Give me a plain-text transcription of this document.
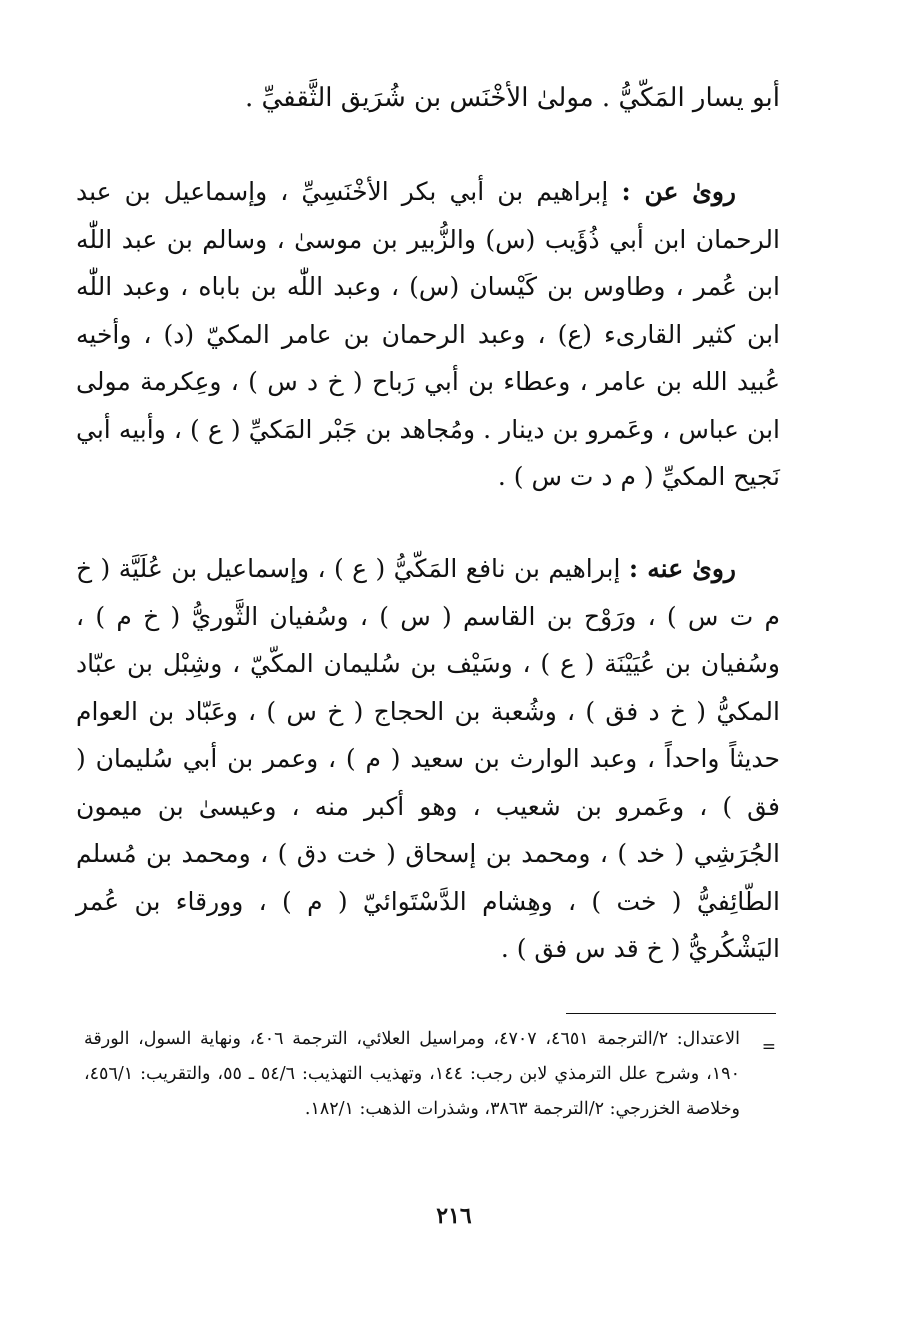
أبو يسار المَكّيُّ . مولىٰ الأخْنَس بن شُرَيق الثَّقفيِّ .
روىٰ عن : إبراهيم بن أبي بكر الأخْنَسِيِّ ، وإسماعيل بن عبد الرحمان ابن أبي ذُؤَيب (س) والزُّبير بن موسىٰ ، وسالم بن عبد اللّٰه ابن عُمر ، وطاوس بن كَيْسان (س) ، وعبد اللّٰه بن باباه ، وعبد اللّٰه ابن كثير القارىء (ع) ، وعبد الرحمان بن عامر المكيّ (د) ، وأخيه عُبيد الله بن عامر ، وعطاء بن أبي رَباح ( خ د س ) ، وعِكرمة مولى ابن عباس ، وعَمرو بن دينار . ومُجاهد بن جَبْر المَكيِّ ( ع ) ، وأبيه أبي نَجيح المكيِّ ( م د ت س ) .
روىٰ عنه : إبراهيم بن نافع المَكّيُّ ( ع ) ، وإسماعيل بن عُلَيَّة ( خ م ت س ) ، ورَوْح بن القاسم ( س ) ، وسُفيان الثَّوريُّ ( خ م ) ، وسُفيان بن عُيَيْنَة ( ع ) ، وسَيْف بن سُليمان المكّيّ ، وشِبْل بن عبّاد المكيُّ ( خ د فق ) ، وشُعبة بن الحجاج ( خ س ) ، وعَبّاد بن العوام حديثاً واحداً ، وعبد الوارث بن سعيد ( م ) ، وعمر بن أبي سُليمان ( فق ) ، وعَمرو بن شعيب ، وهو أكبر منه ، وعيسىٰ بن ميمون الجُرَشِي ( خد ) ، ومحمد بن إسحاق ( خت دق ) ، ومحمد بن مُسلم الطّائِفيُّ ( خت ) ، وهِشام الدَّسْتَوائيّ ( م ) ، وورقاء بن عُمر اليَشْكُريُّ ( خ قد س فق ) .
=
الاعتدال: ٢/الترجمة ٤٦٥١، ٤٧٠٧، ومراسيل العلائي، الترجمة ٤٠٦، ونهاية السول، الورقة ١٩٠، وشرح علل الترمذي لابن رجب: ١٤٤، وتهذيب التهذيب: ٥٤/٦ ـ ٥٥، والتقريب: ٤٥٦/١، وخلاصة الخزرجي: ٢/الترجمة ٣٨٦٣، وشذرات الذهب: ١٨٢/١.
٢١٦
